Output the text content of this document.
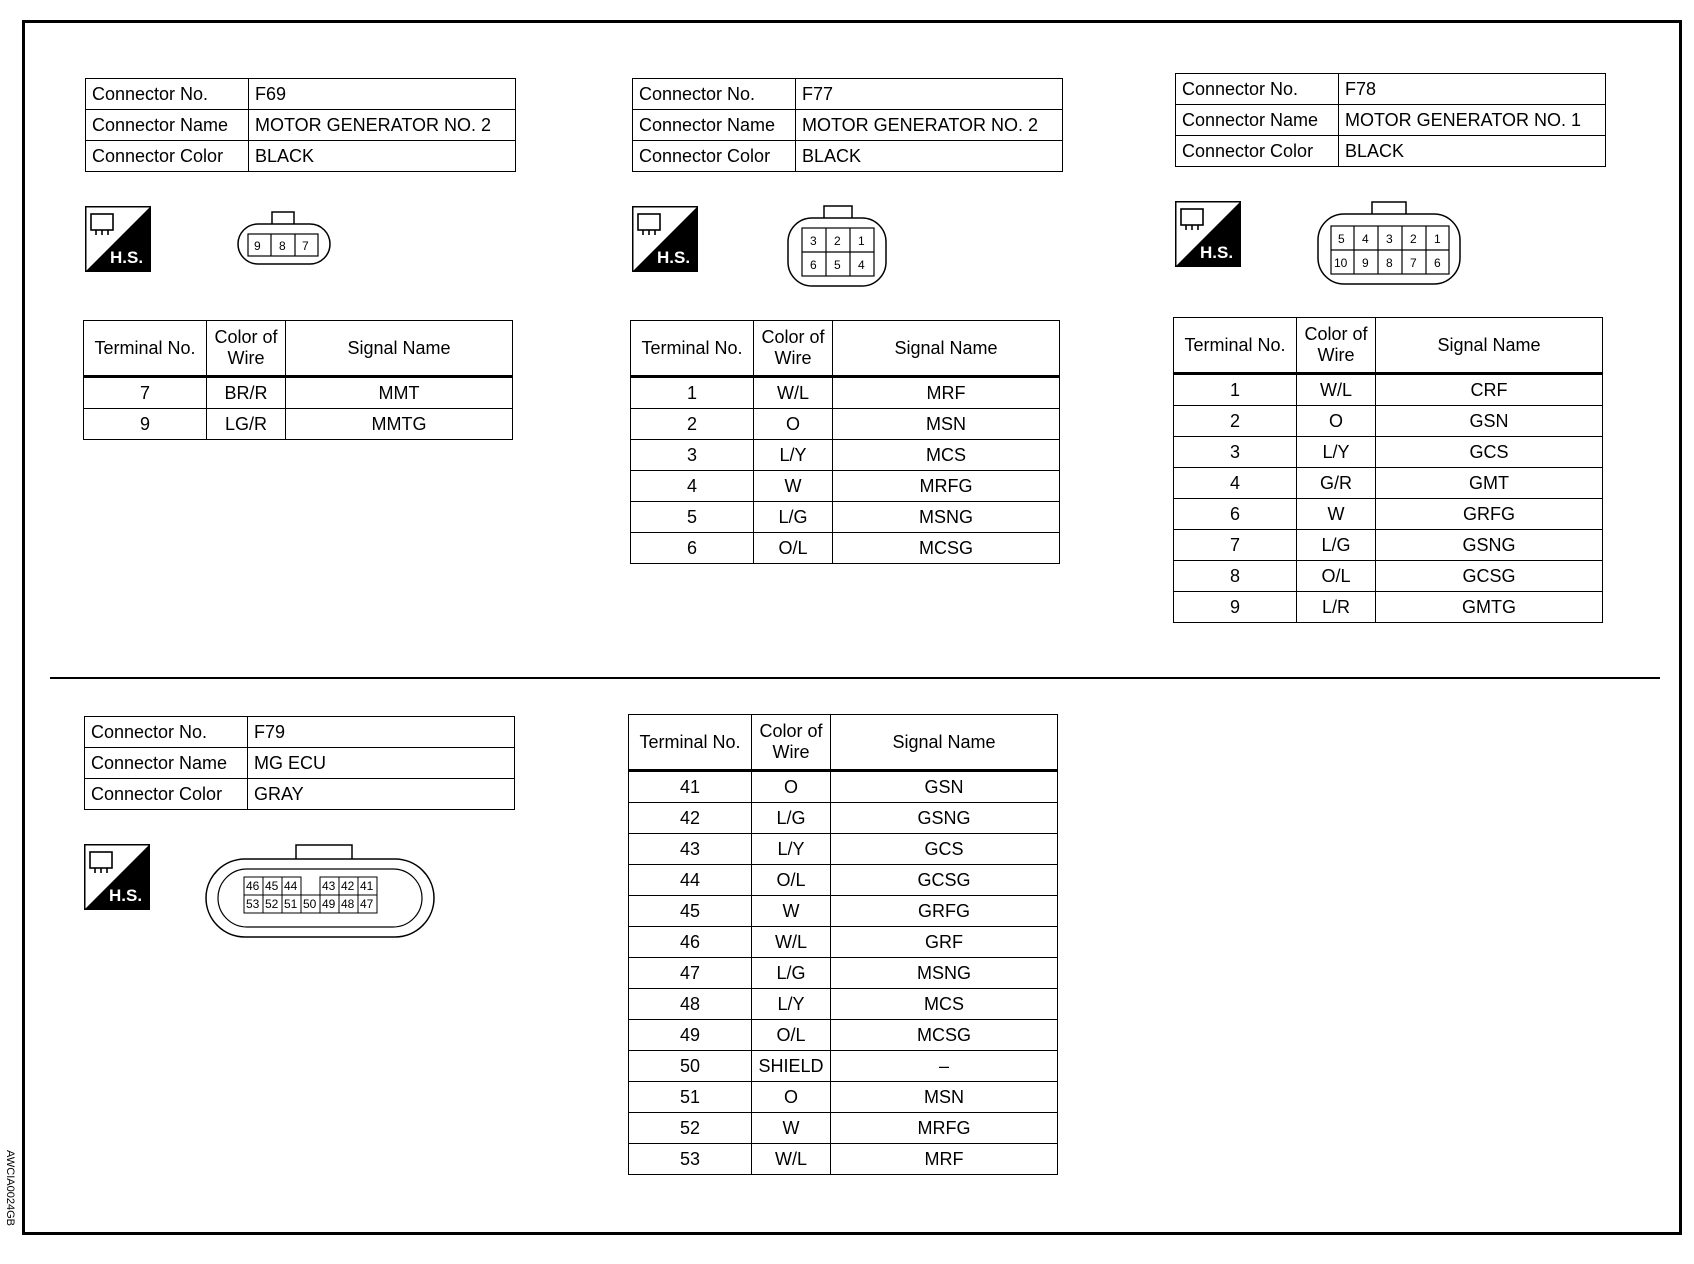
AWCIA0024GB
Connector No.	F69
Connector Name	MOTOR GENERATOR NO. 2
Connector Color	BLACK
H.S.
9 8 7
Terminal No.	Color of
Wire	Signal Name
7	BR/R	MMT
9	LG/R	MMTG
Connector No.	F77
Connector Name	MOTOR GENERATOR NO. 2
Connector Color	BLACK
H.S.
3 2 1
6 5 4
Terminal No.	Color of
Wire	Signal Name
1	W/L	MRF
2	O	MSN
3	L/Y	MCS
4	W	MRFG
5	L/G	MSNG
6	O/L	MCSG
Connector No.	F78
Connector Name	MOTOR GENERATOR NO. 1
Connector Color	BLACK
H.S.
5 4 3 2 1
10 9 8 7 6
Terminal No.	Color of
Wire	Signal Name
1	W/L	CRF
2	O	GSN
3	L/Y	GCS
4	G/R	GMT
6	W	GRFG
7	L/G	GSNG
8	O/L	GCSG
9	L/R	GMTG
Connector No.	F79
Connector Name	MG ECU
Connector Color	GRAY
H.S.	46 45 44 43 42 41
53 52 51 50 49 48 47
Terminal No.	Color of
Wire	Signal Name
41	O	GSN
42	L/G	GSNG
43	L/Y	GCS
44	O/L	GCSG
45	W	GRFG
46	W/L	GRF
47	L/G	MSNG
48	L/Y	MCS
49	O/L	MCSG
50	SHIELD	–
51	O	MSN
52	W	MRFG
53	W/L	MRF
